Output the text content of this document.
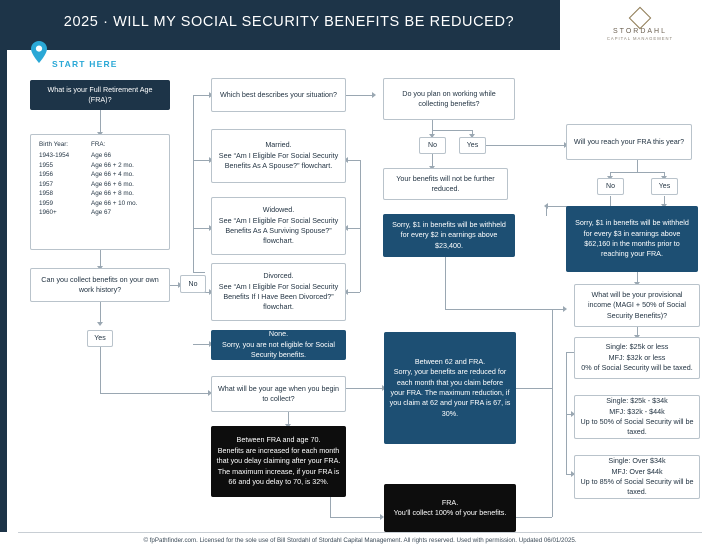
2025 · WILL MY SOCIAL SECURITY BENEFITS BE REDUCED?
STORDAHL
CAPITAL MANAGEMENT
START HERE
What is your Full Retirement Age (FRA)?
Birth Year:	FRA:
1943-1954	Age 66
1955	Age 66 + 2 mo.
1956	Age 66 + 4 mo.
1957	Age 66 + 6 mo.
1958	Age 66 + 8 mo.
1959	Age 66 + 10 mo.
1960+	Age 67
Can you collect benefits on your own work history?
No
Yes
Which best describes your situation?
Married.
See “Am I Eligible For Social Security Benefits As A Spouse?” flowchart.
Widowed.
See “Am I Eligible For Social Security Benefits As A Surviving Spouse?” flowchart.
Divorced.
See “Am I Eligible For Social Security Benefits If I Have Been Divorced?” flowchart.
None.
Sorry, you are not eligible for Social Security benefits.
What will be your age when you begin to collect?
Between FRA and age 70.
Benefits are increased for each month that you delay claiming after your FRA. The maximum increase, if your FRA is 66 and you delay to 70, is 32%.
Between 62 and FRA.
Sorry, your benefits are reduced for each month that you claim before your FRA. The maximum reduction, if you claim at 62 and your FRA is 67, is 30%.
FRA.
You’ll collect 100% of your benefits.
Do you plan on working while collecting benefits?
No	Yes
Your benefits will not be further reduced.
Sorry, $1 in benefits will be withheld for every $2 in earnings above $23,400.
Will you reach your FRA this year?
No	Yes
Sorry, $1 in benefits will be withheld for every $3 in earnings above $62,160 in the months prior to reaching your FRA.
What will be your provisional income (MAGI + 50% of Social Security Benefits)?
Single: $25k or less
MFJ: $32k or less
0% of Social Security will be taxed.
Single: $25k - $34k
MFJ: $32k - $44k
Up to 50% of Social Security will be taxed.
Single: Over $34k
MFJ: Over $44k
Up to 85% of Social Security will be taxed.
© fpPathfinder.com. Licensed for the sole use of Bill Stordahl of Stordahl Capital Management. All rights reserved. Used with permission. Updated 06/01/2025.
